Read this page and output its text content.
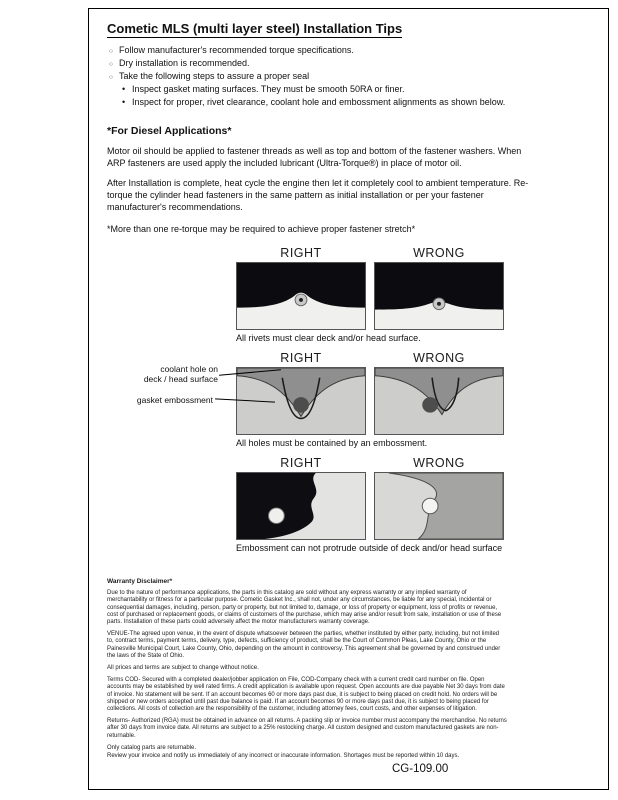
Cometic MLS (multi layer steel) Installation Tips
○ Follow manufacturer's recommended torque specifications.
○ Dry installation is recommended.
○ Take the following steps to assure a proper seal
• Inspect gasket mating surfaces. They must be smooth 50RA or finer.
• Inspect for proper, rivet clearance, coolant hole and embossment alignments as shown below.
*For Diesel Applications*
Motor oil should be applied to fastener threads as well as top and bottom of the fastener washers. When ARP fasteners are used apply the included lubricant (Ultra-Torque®) in place of motor oil.
After Installation is complete, heat cycle the engine then let it completely cool to ambient temperature. Re-torque the cylinder head fasteners in the same pattern as initial installation or per your fastener manufacturer's recommendations.
*More than one re-torque may be required to achieve proper fastener stretch*
RIGHT	WRONG
All rivets must clear deck and/or head surface.
RIGHT	WRONG
All holes must be contained by an embossment.
RIGHT	WRONG
Embossment can not protrude outside of deck and/or head surface
coolant hole on
deck / head surface
gasket embossment

Warranty Disclaimer*

Due to the nature of performance applications, the parts in this catalog are sold without any express warranty or any implied warranty of merchantability or fitness for a particular purpose. Cometic Gasket Inc., shall not, under any circumstances, be liable for any special, incidental or consequential damages, including, person, party or property, but not limited to, damage, or loss of property or equipment, loss of profits or revenue, cost of purchased or replacement goods, or claims of customers of the purchase, which may arise and/or result from sale, installation or use of these parts. Installation of these parts could adversely affect the motor manufacturers warranty coverage.

VENUE-The agreed upon venue, in the event of dispute whatsoever between the parties, whether instituted by either party, including, but not limited to, contract terms, payment terms, delivery, type, defects, sufficiency of product, shall be the Court of Common Pleas, Lake County, Ohio or the Painesville Municipal Court, Lake County, Ohio, depending on the amount in controversy. This agreement shall be governed by and construed under the laws of the State of Ohio.

All prices and terms are subject to change without notice.

Terms COD- Secured with a completed dealer/jobber application on File, COD-Company check with a current credit card number on file. Open accounts may be established by well rated firms. A credit application is available upon request. Open accounts are due payable Net 30 days from date of invoice. No statement will be sent. If an account becomes 60 or more days past due, it is subject to being placed on credit hold. No orders will be shipped or new orders accepted until past due balance is paid. If an account becomes 90 or more days past due, it is subject to being placed for collections. All costs of collection are the responsibility of the customer, including attorney fees, court costs, and other expenses of litigation.

Returns- Authorized (RGA) must be obtained in advance on all returns. A packing slip or invoice number must accompany the merchandise. No returns after 30 days from invoice date. All returns are subject to a 25% restocking charge. All custom designed and custom manufactured gaskets are non-returnable.

Only catalog parts are returnable.

Review your invoice and notify us immediately of any incorrect or inaccurate information. Shortages must be reported within 10 days.

CG-109.00
